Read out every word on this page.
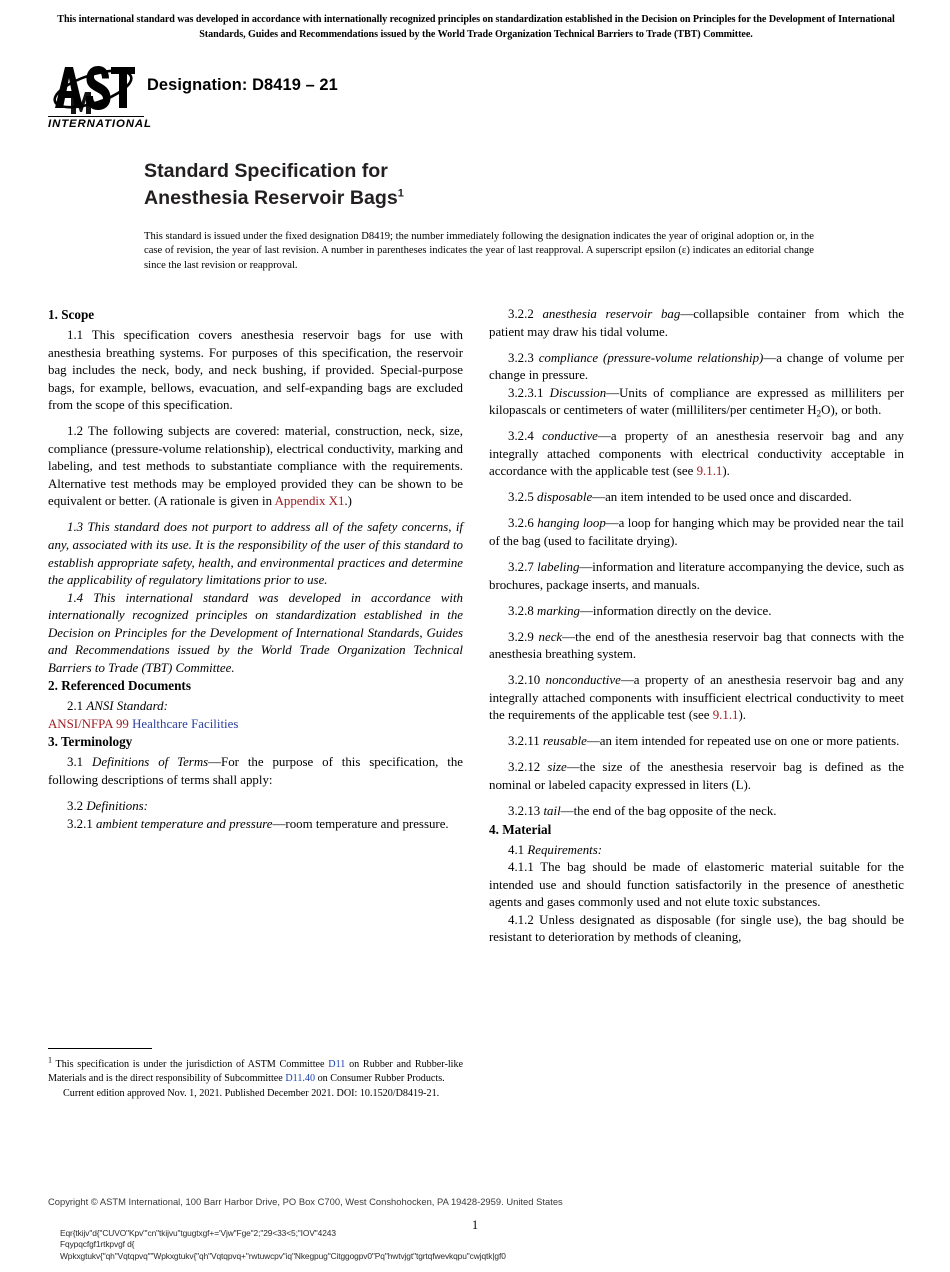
This international standard was developed in accordance with internationally recognized principles on standardization established in the Decision on Principles for the Development of International Standards, Guides and Recommendations issued by the World Trade Organization Technical Barriers to Trade (TBT) Committee.
INTERNATIONAL
Designation: D8419 – 21
Standard Specification for
Anesthesia Reservoir Bags$^1$
This standard is issued under the fixed designation D8419; the number immediately following the designation indicates the year of original adoption or, in the case of revision, the year of last revision. A number in parentheses indicates the year of last reapproval. A superscript epsilon (ε) indicates an editorial change since the last revision or reapproval.
1. Scope

1.1 This specification covers anesthesia reservoir bags for use with anesthesia breathing systems. For purposes of this specification, the reservoir bag includes the neck, body, and neck bushing, if provided. Special-purpose bags, for example, bellows, evacuation, and self-expanding bags are excluded from the scope of this specification.

1.2 The following subjects are covered: material, construction, neck, size, compliance (pressure-volume relationship), electrical conductivity, marking and labeling, and test methods to substantiate compliance with the requirements. Alternative test methods may be employed provided they can be shown to be equivalent or better. (A rationale is given in Appendix X1.)

1.3 This standard does not purport to address all of the safety concerns, if any, associated with its use. It is the responsibility of the user of this standard to establish appropriate safety, health, and environmental practices and determine the applicability of regulatory limitations prior to use.

1.4 This international standard was developed in accordance with internationally recognized principles on standardization established in the Decision on Principles for the Development of International Standards, Guides and Recommendations issued by the World Trade Organization Technical Barriers to Trade (TBT) Committee.

2. Referenced Documents

2.1 ANSI Standard:

ANSI/NFPA 99 Healthcare Facilities

3. Terminology

3.1 Definitions of Terms—For the purpose of this specification, the following descriptions of terms shall apply:

3.2 Definitions:

3.2.1 ambient temperature and pressure—room temperature and pressure.

3.2.2 anesthesia reservoir bag—collapsible container from which the patient may draw his tidal volume.

3.2.3 compliance (pressure-volume relationship)—a change of volume per change in pressure.

3.2.3.1 Discussion—Units of compliance are expressed as milliliters per kilopascals or centimeters of water (milliliters/per centimeter $H_2O$), or both.

3.2.4 conductive—a property of an anesthesia reservoir bag and any integrally attached components with electrical conductivity acceptable in accordance with the applicable test (see 9.1.1).

3.2.5 disposable—an item intended to be used once and discarded.

3.2.6 hanging loop—a loop for hanging which may be provided near the tail of the bag (used to facilitate drying).

3.2.7 labeling—information and literature accompanying the device, such as brochures, package inserts, and manuals.

3.2.8 marking—information directly on the device.

3.2.9 neck—the end of the anesthesia reservoir bag that connects with the anesthesia breathing system.

3.2.10 nonconductive—a property of an anesthesia reservoir bag and any integrally attached components with insufficient electrical conductivity to meet the requirements of the applicable test (see 9.1.1).

3.2.11 reusable—an item intended for repeated use on one or more patients.

3.2.12 size—the size of the anesthesia reservoir bag is defined as the nominal or labeled capacity expressed in liters (L).

3.2.13 tail—the end of the bag opposite of the neck.

4. Material

4.1 Requirements:

4.1.1 The bag should be made of elastomeric material suitable for the intended use and should function satisfactorily in the presence of anesthetic agents and gases commonly used and not elute toxic substances.

4.1.2 Unless designated as disposable (for single use), the bag should be resistant to deterioration by methods of cleaning,

$^1$ This specification is under the jurisdiction of ASTM Committee D11 on Rubber and Rubber-like Materials and is the direct responsibility of Subcommittee D11.40 on Consumer Rubber Products.

Current edition approved Nov. 1, 2021. Published December 2021. DOI: 10.1520/D8419-21.

Copyright © ASTM International, 100 Barr Harbor Drive, PO Box C700, West Conshohocken, PA 19428-2959. United States
1
Eqr{tkijv"d{"CUVO"Kpv"'cn"tkijvu"tgugtxgf+='Vjw"Fge"2;"29<33<5;"IOV"4243
Fqypqcfgf1rtkpvgf d{
Wpkxgtukv{"qh"Vqtqpvq""Wpkxgtukv{"qh"Vqtqpvq+"rwtuwcpv"iq"Nkegpug"Citggogpv0"Pq"hwtvjgt"tgrtqfwevkqpu"cwjqtk|gf0
